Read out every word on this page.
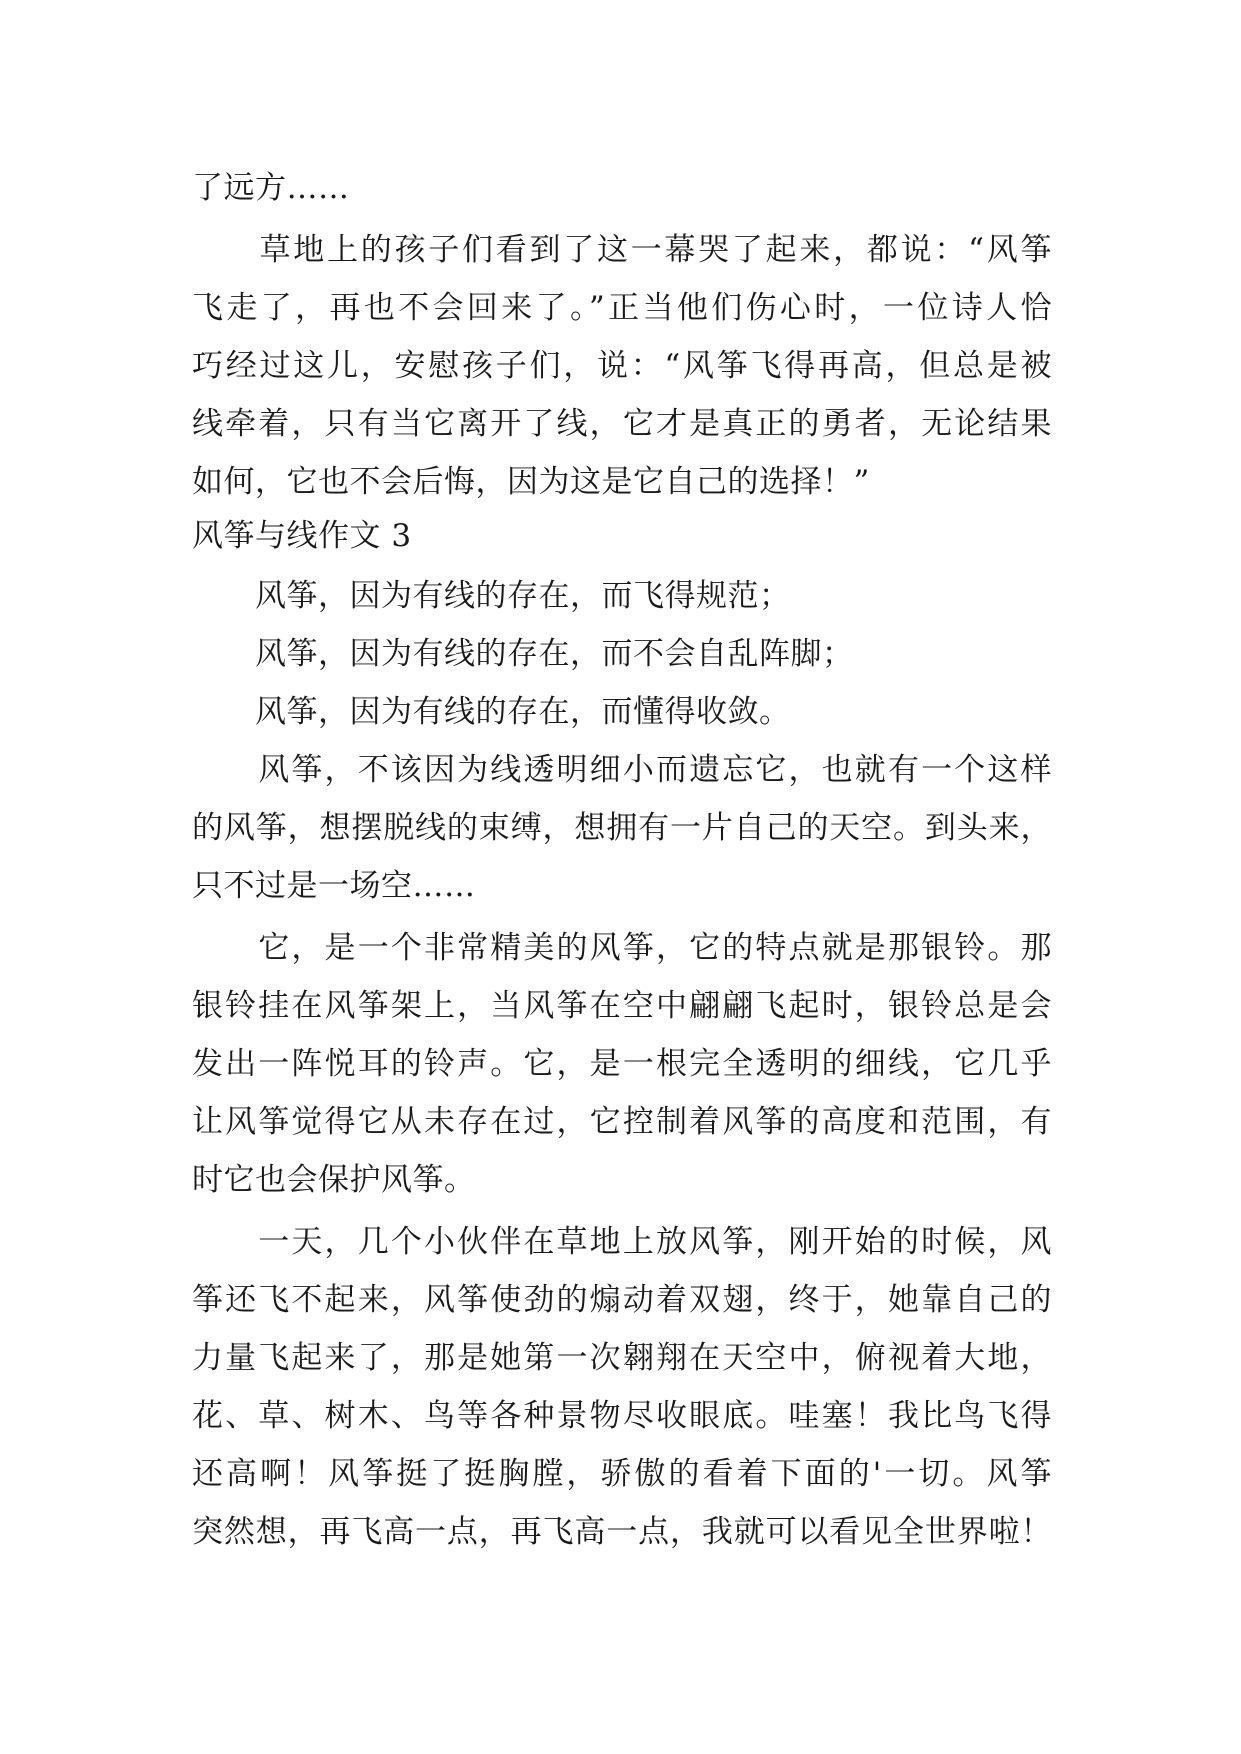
了远方……
　　草地上的孩子们看到了这一幕哭了起来，都说：“风筝
飞走了，再也不会回来了。”正当他们伤心时，一位诗人恰
巧经过这儿，安慰孩子们，说：“风筝飞得再高，但总是被
线牵着，只有当它离开了线，它才是真正的勇者，无论结果
如何，它也不会后悔，因为这是它自己的选择！”
风筝与线作文 3
　　风筝，因为有线的存在，而飞得规范；
　　风筝，因为有线的存在，而不会自乱阵脚；
　　风筝，因为有线的存在，而懂得收敛。
　　风筝，不该因为线透明细小而遗忘它，也就有一个这样
的风筝，想摆脱线的束缚，想拥有一片自己的天空。到头来，
只不过是一场空……
　　它，是一个非常精美的风筝，它的特点就是那银铃。那
银铃挂在风筝架上，当风筝在空中翩翩飞起时，银铃总是会
发出一阵悦耳的铃声。它，是一根完全透明的细线，它几乎
让风筝觉得它从未存在过，它控制着风筝的高度和范围，有
时它也会保护风筝。
　　一天，几个小伙伴在草地上放风筝，刚开始的时候，风
筝还飞不起来，风筝使劲的煽动着双翅，终于，她靠自己的
力量飞起来了，那是她第一次翱翔在天空中，俯视着大地，
花、草、树木、鸟等各种景物尽收眼底。哇塞！我比鸟飞得
还高啊！风筝挺了挺胸膛，骄傲的看着下面的'一切。风筝
突然想，再飞高一点，再飞高一点，我就可以看见全世界啦！
